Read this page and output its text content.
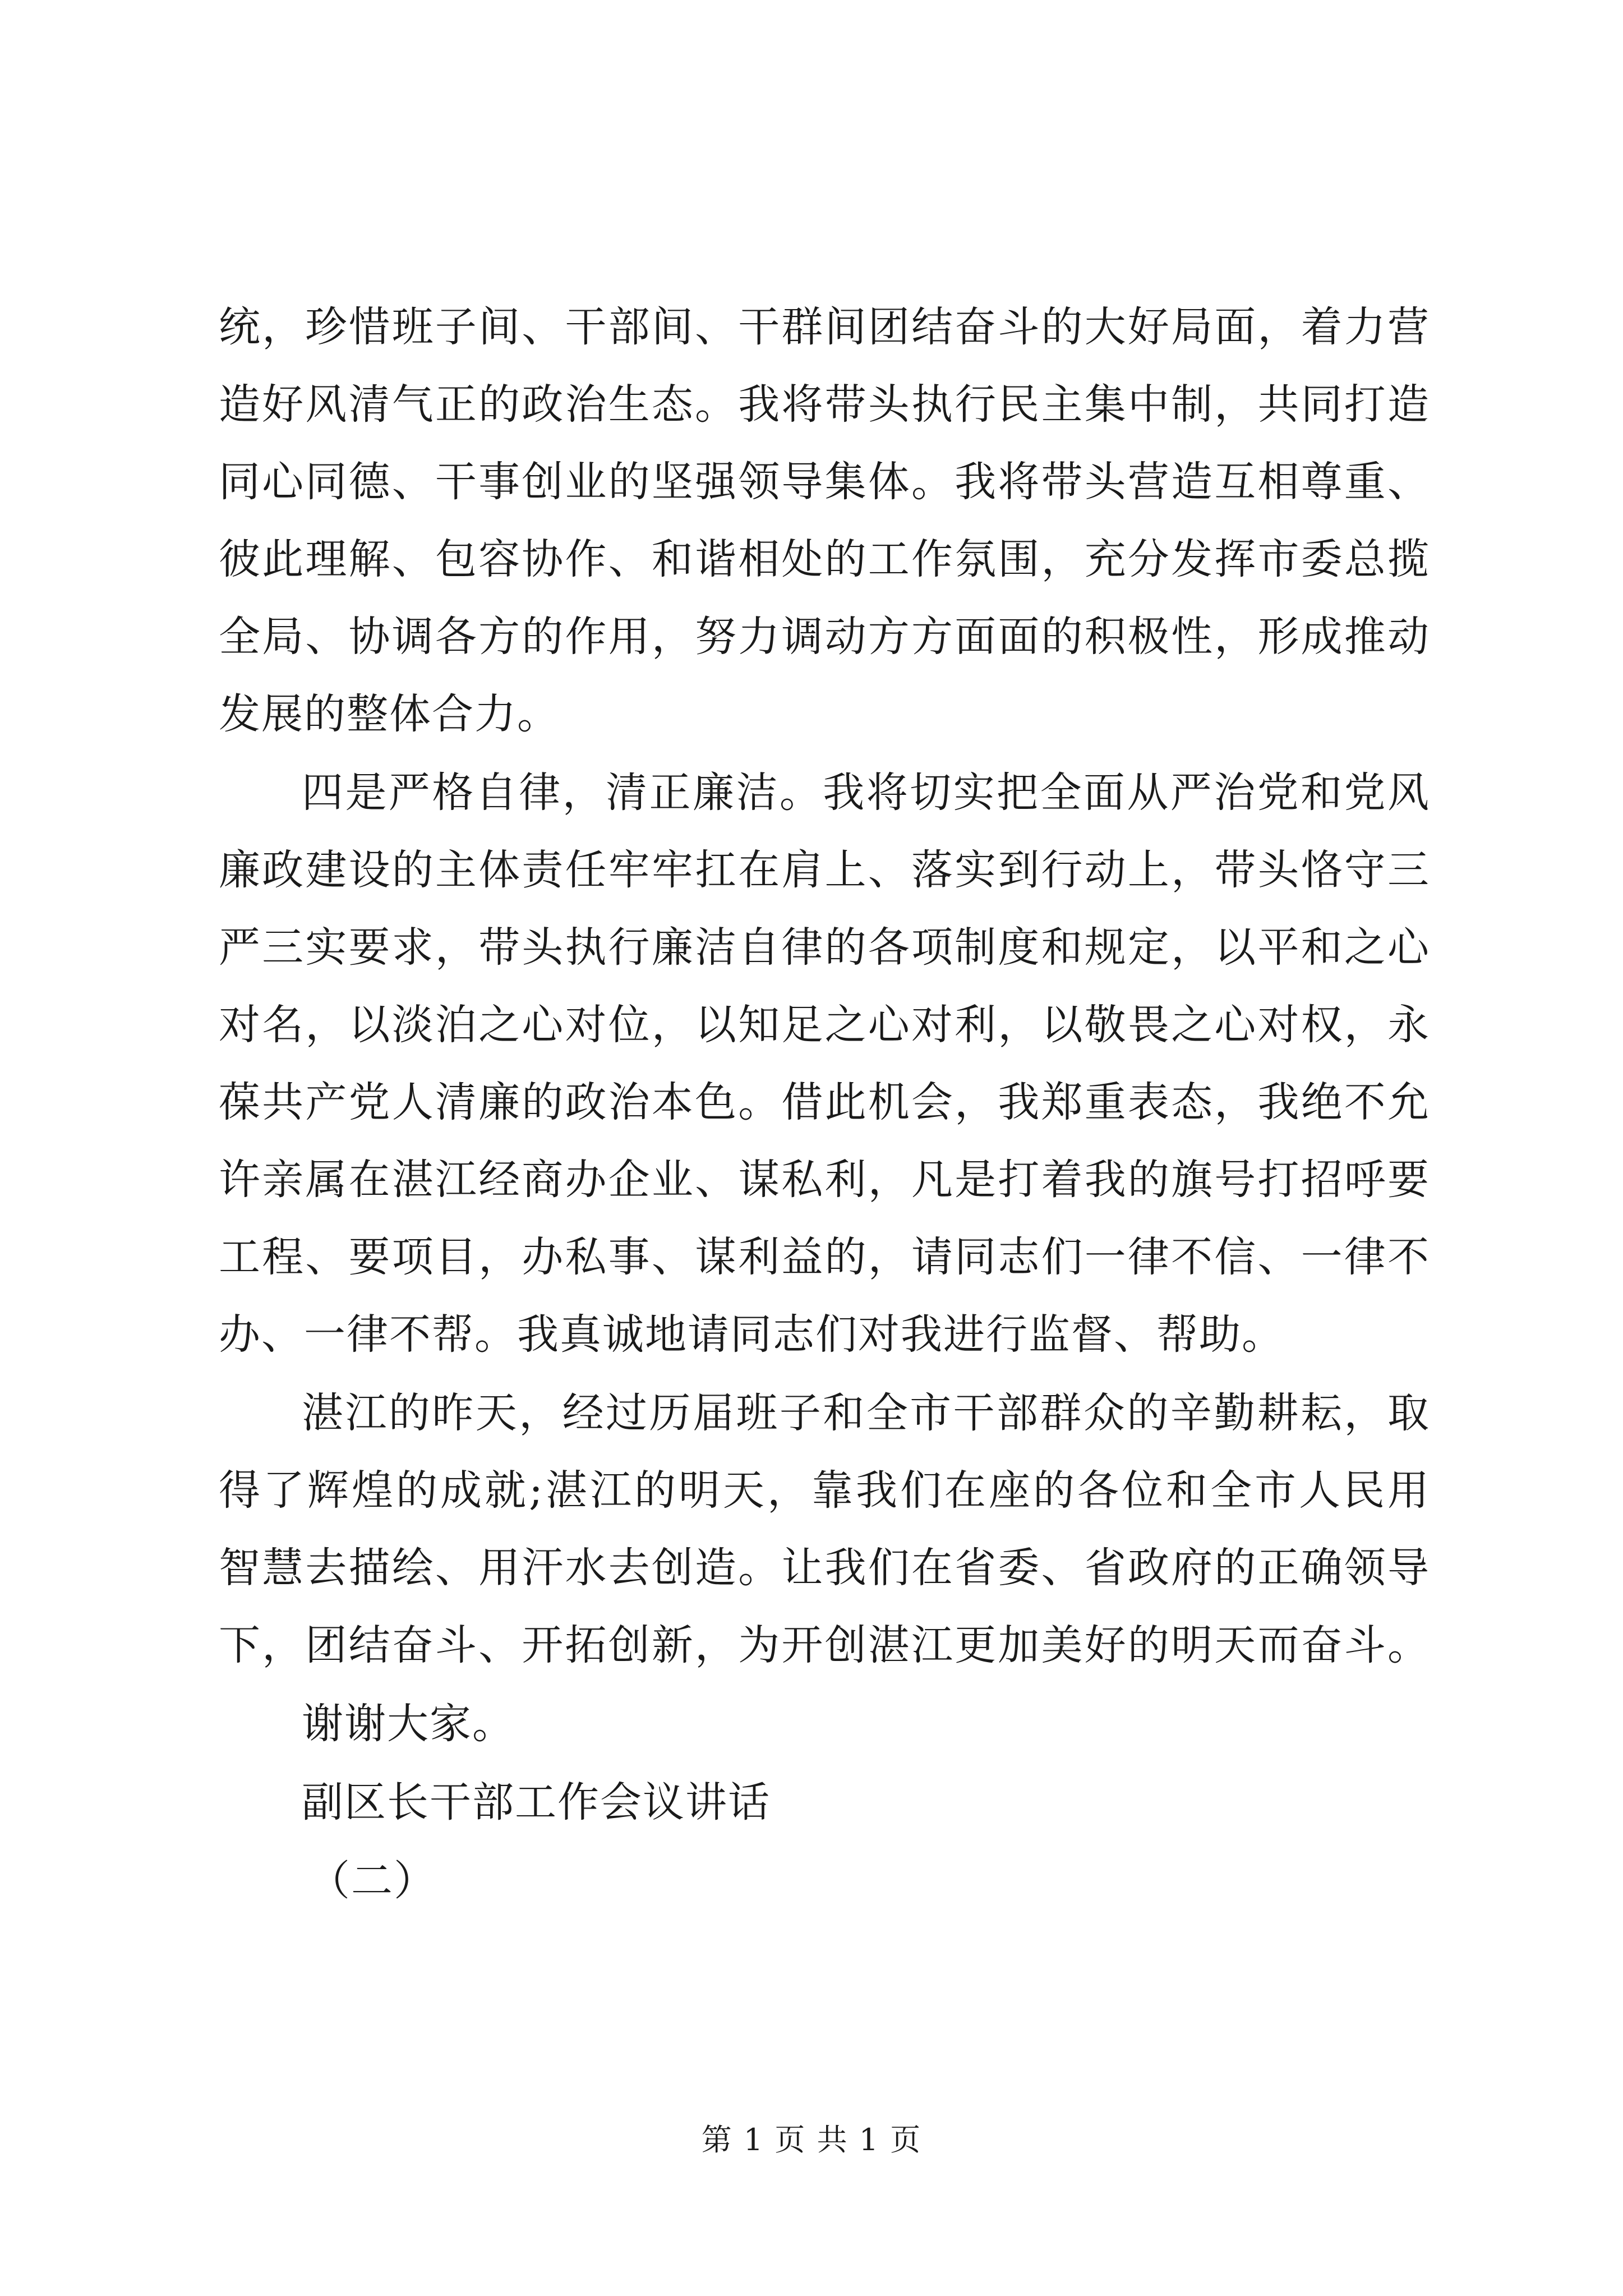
统，珍惜班子间、干部间、干群间团结奋斗的大好局面，着力营
造好风清气正的政治生态。我将带头执行民主集中制，共同打造
同心同德、干事创业的坚强领导集体。我将带头营造互相尊重、
彼此理解、包容协作、和谐相处的工作氛围，充分发挥市委总揽
全局、协调各方的作用，努力调动方方面面的积极性，形成推动
发展的整体合力。
四是严格自律，清正廉洁。我将切实把全面从严治党和党风
廉政建设的主体责任牢牢扛在肩上、落实到行动上，带头恪守三
严三实要求，带头执行廉洁自律的各项制度和规定，以平和之心
对名，以淡泊之心对位，以知足之心对利，以敬畏之心对权，永
葆共产党人清廉的政治本色。借此机会，我郑重表态，我绝不允
许亲属在湛江经商办企业、谋私利，凡是打着我的旗号打招呼要
工程、要项目，办私事、谋利益的，请同志们一律不信、一律不
办、一律不帮。我真诚地请同志们对我进行监督、帮助。
湛江的昨天，经过历届班子和全市干部群众的辛勤耕耘，取
得了辉煌的成就;湛江的明天，靠我们在座的各位和全市人民用
智慧去描绘、用汗水去创造。让我们在省委、省政府的正确领导
下，团结奋斗、开拓创新，为开创湛江更加美好的明天而奋斗。
谢谢大家。
副区长干部工作会议讲话
（二）
第 1 页 共 1 页
